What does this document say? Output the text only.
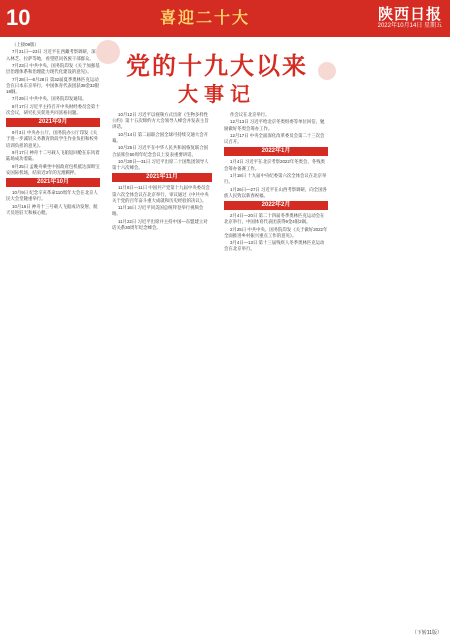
10	喜迎二十大	陕西日报
2022年10月14日 星期五
党的十九大以来
大事记

（上接09版）

7月21日—23日 习近平在西藏考察调研，深入林芝、拉萨等地，看望慰问各族干部群众。

7月23日 中共中央、国务院印发《关于加强基层治理体系和治理能力现代化建设的意见》。

7月28日—8月28日 第32届夏季奥林匹克运动会在日本东京举行，中国体育代表团获38金32银18铜。

7月29日 中共中央、国务院印发通知。

8月17日 习近平主持召开中央财经委员会第十次会议，研究扎实促进共同富裕问题。

2021年9月

9月3日 中央办公厅、国务院办公厅印发《关于进一步减轻义务教育阶段学生作业负担和校外培训负担的意见》。

9月17日 神舟十二号载人飞船返回舱在东风着陆场成功着陆。

9月25日 孟晚舟乘坐中国政府包机抵达深圳宝安国际机场，结束近3年的无理羁押。

2021年10月

10月9日 纪念辛亥革命110周年大会在北京人民大会堂隆重举行。

10月16日 神舟十三号载人飞船成功发射，航天员进驻天和核心舱。

10月12日 习近平以视频方式出席《生物多样性公约》第十五次缔约方大会领导人峰会并发表主旨讲话。

10月14日 第二届联合国全球可持续交通大会开幕。

10月25日 习近平在中华人民共和国恢复联合国合法席位50周年纪念会议上发表重要讲话。

10月30日—31日 习近平出席二十国集团领导人第十六次峰会。

2021年11月

11月8日—11日 中国共产党第十九届中央委员会第六次全体会议在北京举行，审议通过《中共中央关于党的百年奋斗重大成就和历史经验的决议》。

11月16日 习近平同美国总统拜登举行视频会晤。

11月22日 习近平出席并主持中国—东盟建立对话关系30周年纪念峰会。

作会议在北京举行。

12月13日 习近平给北京冬奥组委等单位回信，勉励做好冬奥会筹办工作。

12月17日 中央全面深化改革委员会第二十三次会议召开。

2022年1月

1月4日 习近平在北京考察2022年冬奥会、冬残奥会筹办备赛工作。

1月18日 十九届中央纪委第六次全体会议在北京举行。

1月26日—27日 习近平在山西考察调研，向全国各族人民致以新春祝福。

2022年2月

2月4日—20日 第二十四届冬季奥林匹克运动会在北京举行，中国体育代表团获得9金4银2铜。

2月25日 中共中央、国务院印发《关于做好2022年全面推进乡村振兴重点工作的意见》。

3月4日—13日 第十三届残疾人冬季奥林匹克运动会在北京举行。

（下转11版）
